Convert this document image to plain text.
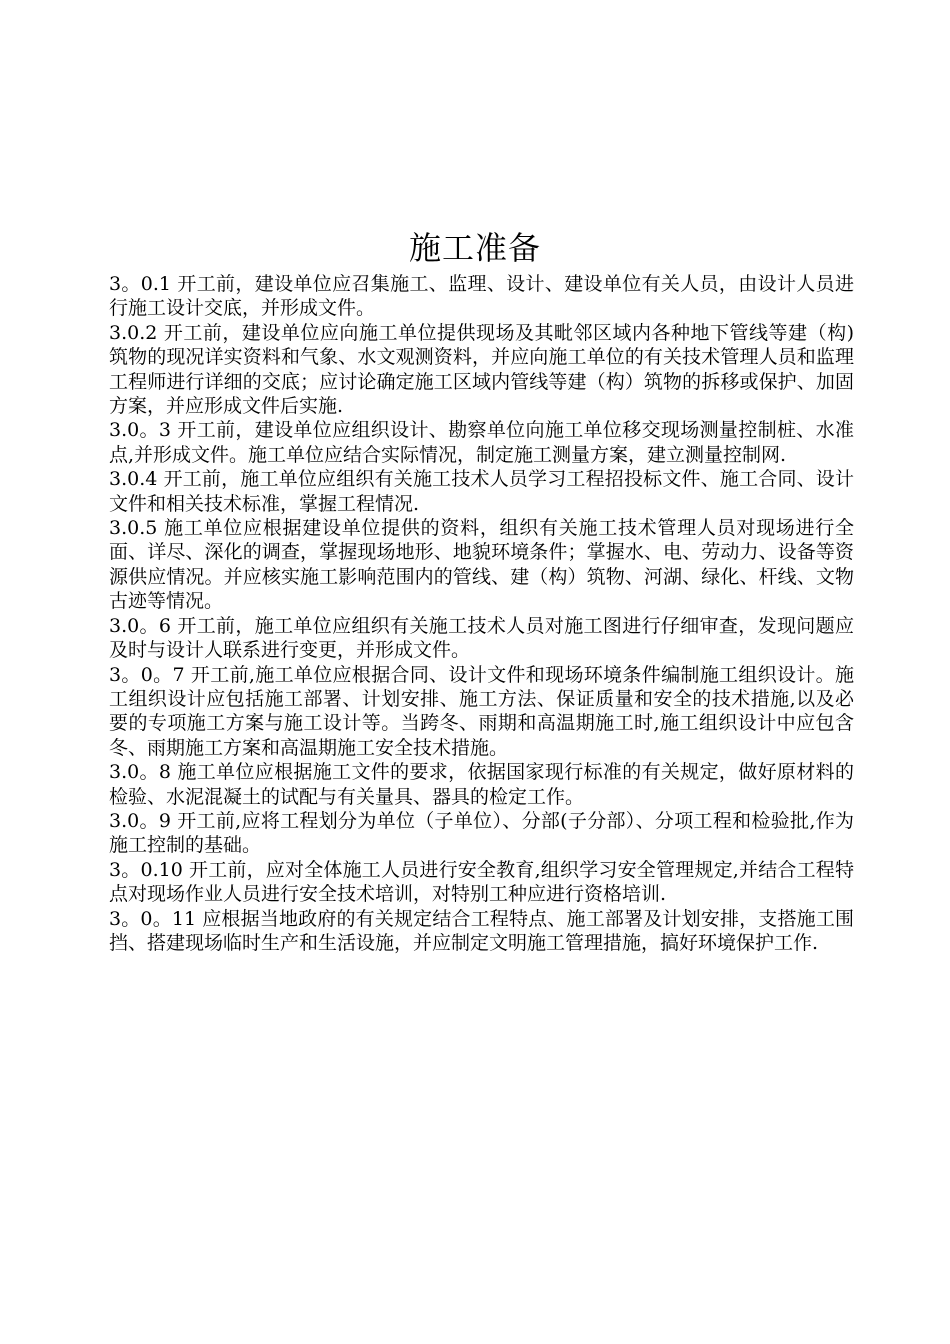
施工准备

3。0.1 开工前，建设单位应召集施工、监理、设计、建设单位有关人员，由设计人员进行施工设计交底，并形成文件。

3.0.2 开工前，建设单位应向施工单位提供现场及其毗邻区域内各种地下管线等建（构)筑物的现况详实资料和气象、水文观测资料，并应向施工单位的有关技术管理人员和监理工程师进行详细的交底；应讨论确定施工区域内管线等建（构）筑物的拆移或保护、加固方案，并应形成文件后实施.

3.0。3 开工前，建设单位应组织设计、勘察单位向施工单位移交现场测量控制桩、水准点,并形成文件。施工单位应结合实际情况，制定施工测量方案，建立测量控制网.

3.0.4 开工前，施工单位应组织有关施工技术人员学习工程招投标文件、施工合同、设计文件和相关技术标准，掌握工程情况.

3.0.5 施工单位应根据建设单位提供的资料，组织有关施工技术管理人员对现场进行全面、详尽、深化的调查，掌握现场地形、地貌环境条件；掌握水、电、劳动力、设备等资源供应情况。并应核实施工影响范围内的管线、建（构）筑物、河湖、绿化、杆线、文物古迹等情况。

3.0。6 开工前，施工单位应组织有关施工技术人员对施工图进行仔细审查，发现问题应及时与设计人联系进行变更，并形成文件。

3。0。7 开工前,施工单位应根据合同、设计文件和现场环境条件编制施工组织设计。施工组织设计应包括施工部署、计划安排、施工方法、保证质量和安全的技术措施,以及必要的专项施工方案与施工设计等。当跨冬、雨期和高温期施工时,施工组织设计中应包含冬、雨期施工方案和高温期施工安全技术措施。

3.0。8 施工单位应根据施工文件的要求，依据国家现行标准的有关规定，做好原材料的检验、水泥混凝土的试配与有关量具、器具的检定工作。

3.0。9 开工前,应将工程划分为单位（子单位）、分部(子分部）、分项工程和检验批,作为施工控制的基础。

3。0.10 开工前，应对全体施工人员进行安全教育,组织学习安全管理规定,并结合工程特点对现场作业人员进行安全技术培训，对特别工种应进行资格培训.

3。0。11 应根据当地政府的有关规定结合工程特点、施工部署及计划安排，支搭施工围挡、搭建现场临时生产和生活设施，并应制定文明施工管理措施，搞好环境保护工作.
